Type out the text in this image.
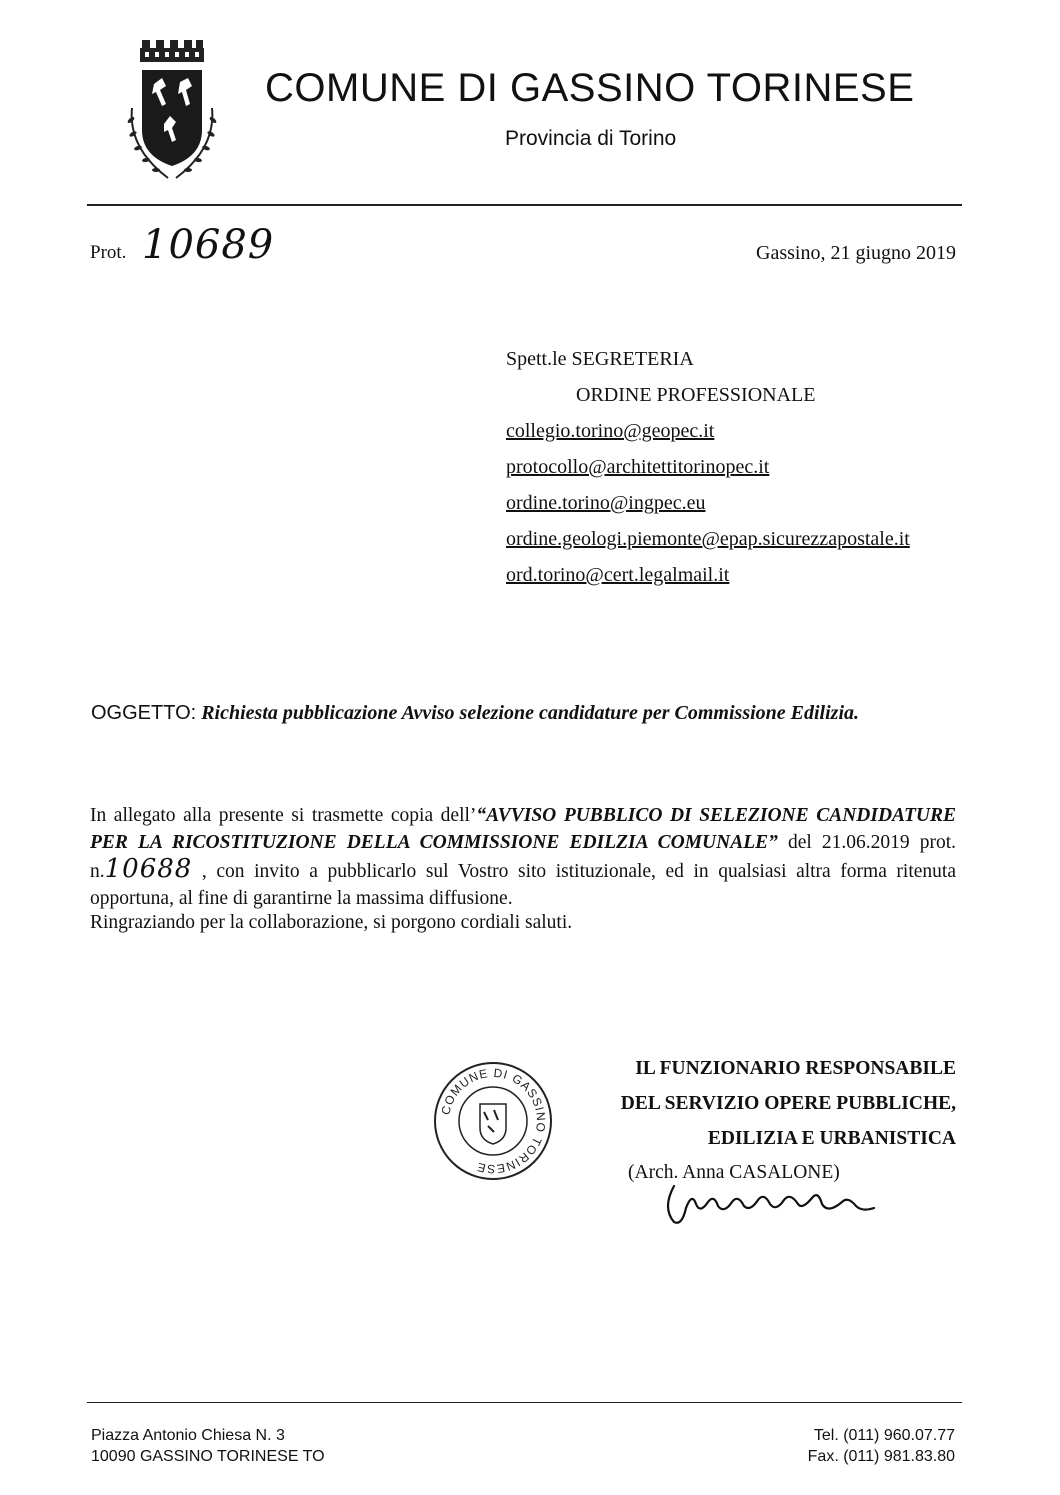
COMUNE DI GASSINO TORINESE
Provincia di Torino
Prot. 10689	Gassino, 21 giugno 2019
Spett.le SEGRETERIA
ORDINE PROFESSIONALE
collegio.torino@geopec.it
protocollo@architettitorinopec.it
ordine.torino@ingpec.eu
ordine.geologi.piemonte@epap.sicurezzapostale.it
ord.torino@cert.legalmail.it
OGGETTO: Richiesta pubblicazione Avviso selezione candidature per Commissione Edilizia.
In allegato alla presente si trasmette copia dell’“AVVISO PUBBLICO DI SELEZIONE CANDIDATURE PER LA RICOSTITUZIONE DELLA COMMISSIONE EDILZIA COMUNALE” del 21.06.2019 prot. n.10688 , con invito a pubblicarlo sul Vostro sito istituzionale, ed in qualsiasi altra forma ritenuta opportuna, al fine di garantirne la massima diffusione.
Ringraziando per la collaborazione, si porgono cordiali saluti.
COMUNE DI GASSINO TORINESE
IL FUNZIONARIO RESPONSABILE
DEL SERVIZIO OPERE PUBBLICHE,
EDILIZIA E URBANISTICA
(Arch. Anna CASALONE)
Piazza Antonio Chiesa N. 3
10090 GASSINO TORINESE TO
Tel. (011) 960.07.77
Fax. (011) 981.83.80
